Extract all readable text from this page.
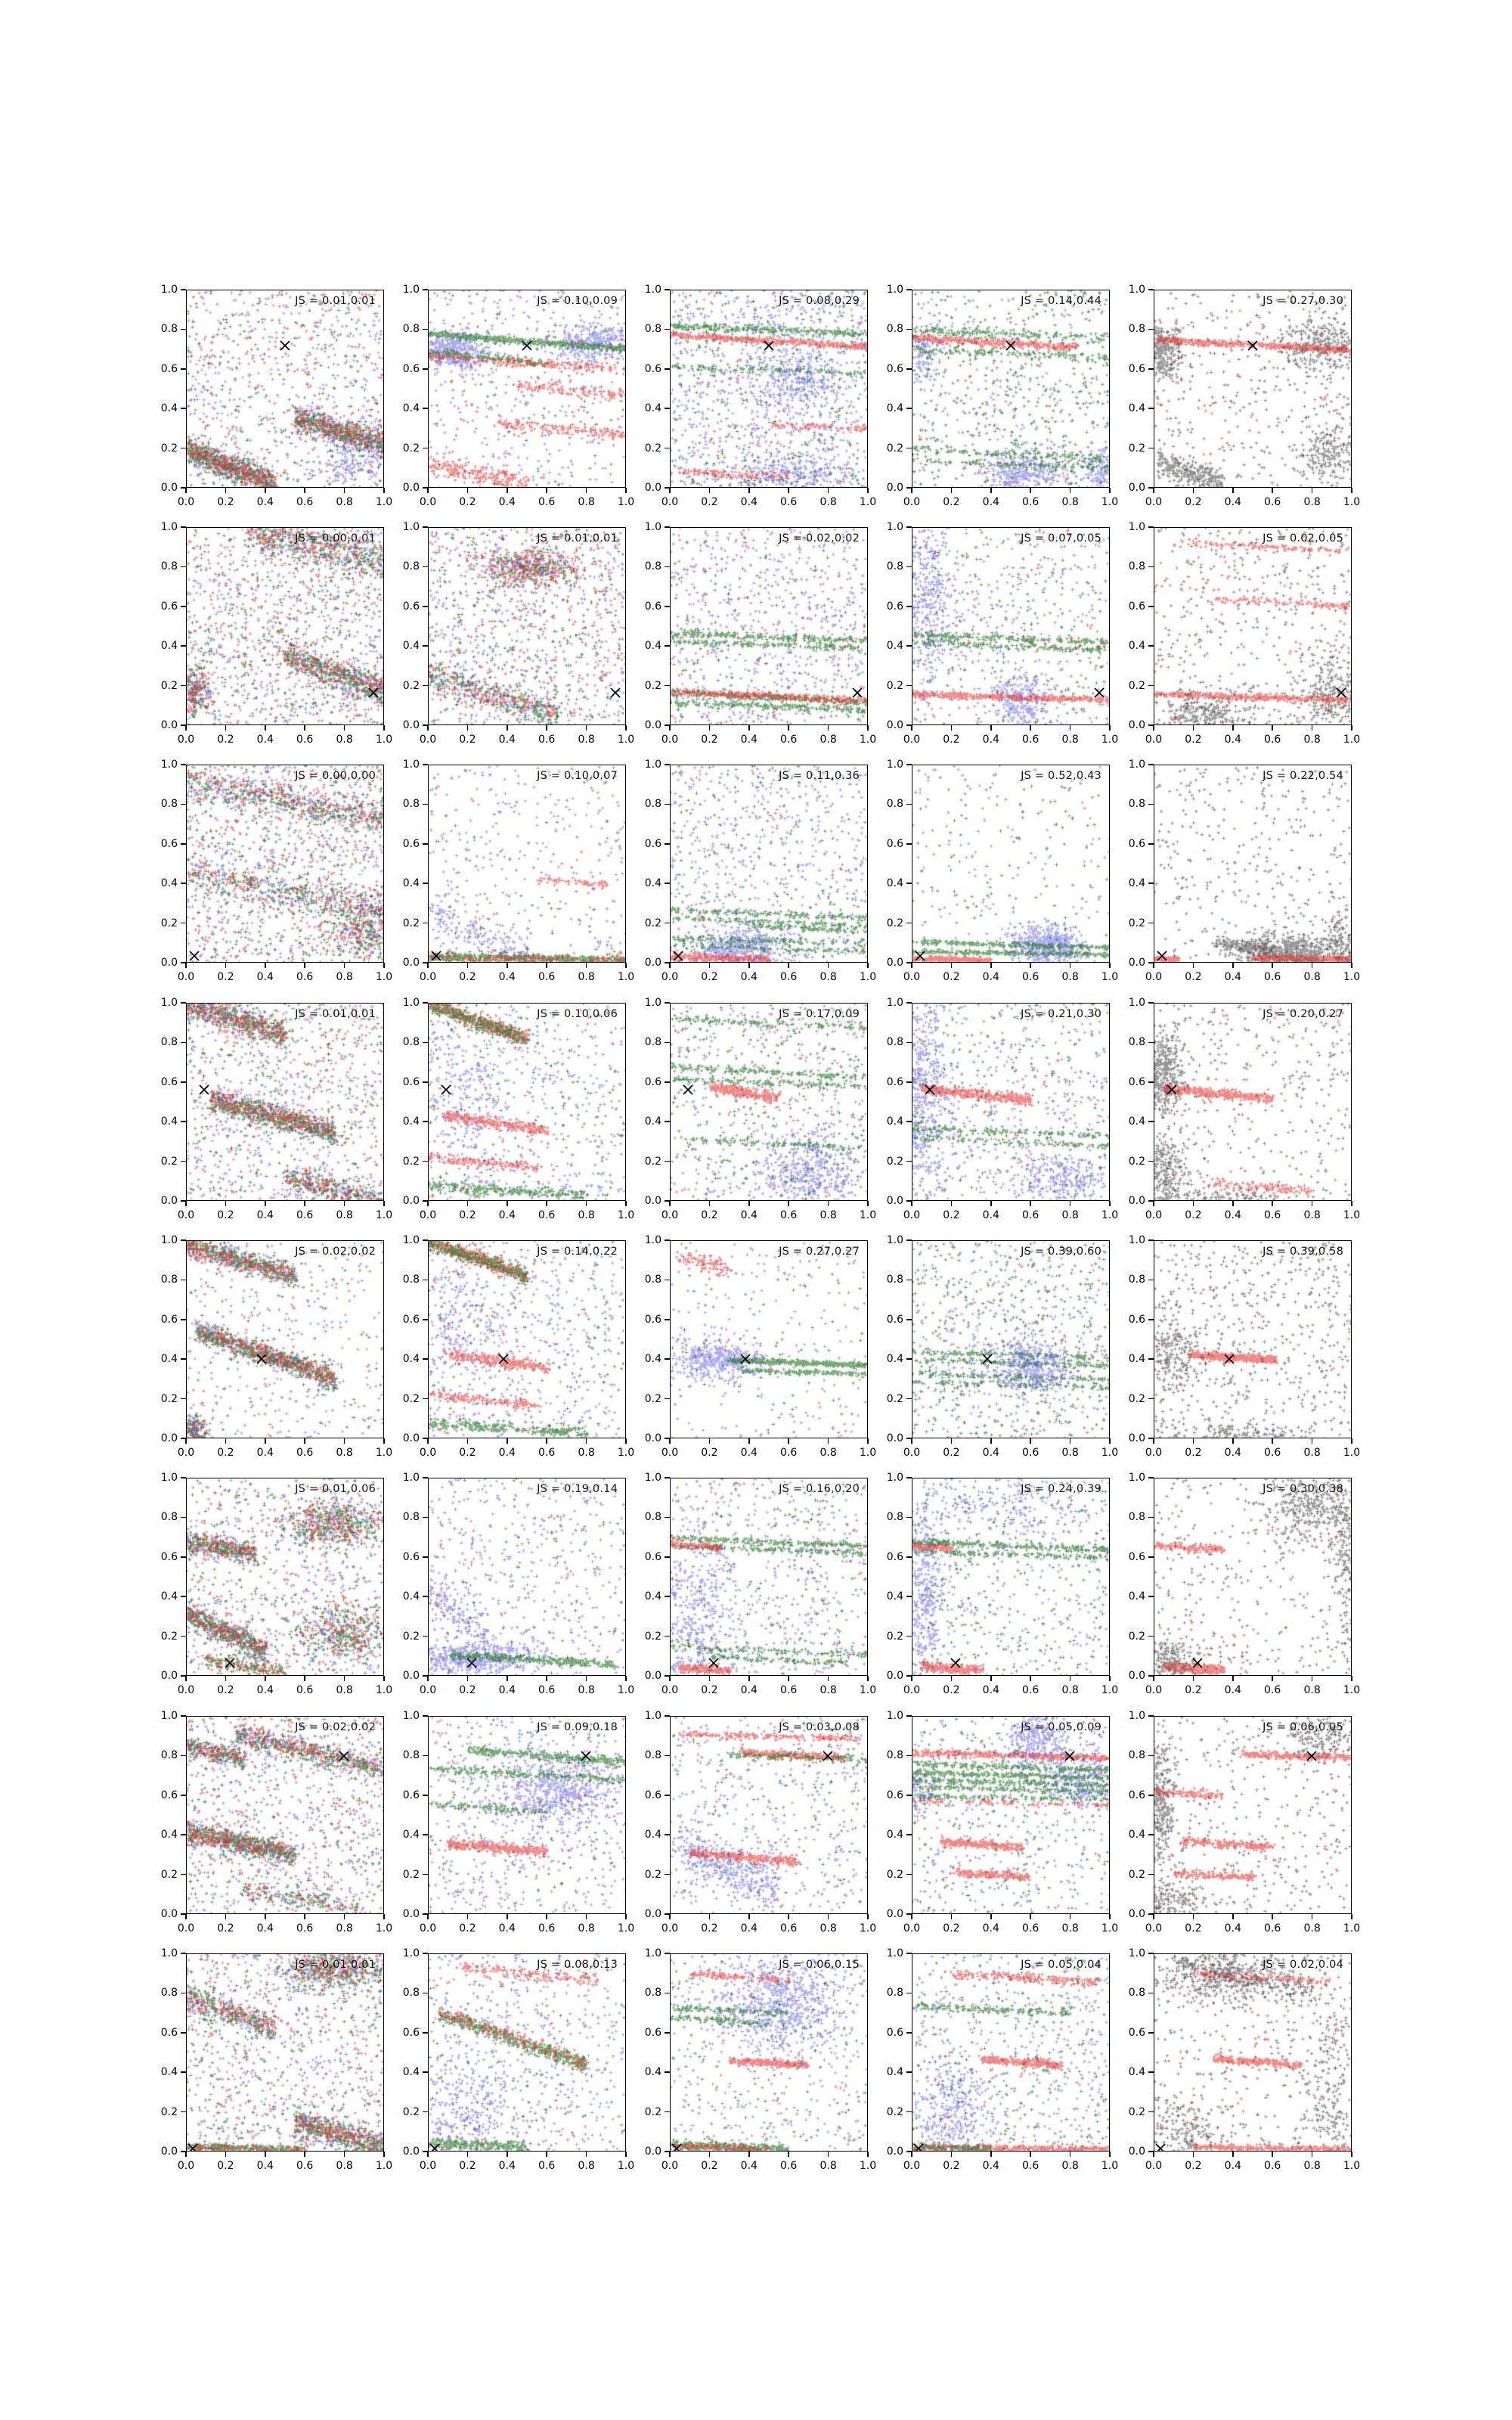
JS = 0.01,0.01
0.0
0.0
0.2
0.2
0.4
0.4
0.6
0.6
0.8
0.8
1.0
1.0
JS = 0.10,0.09
0.0
0.0
0.2
0.2
0.4
0.4
0.6
0.6
0.8
0.8
1.0
1.0
JS = 0.08,0.29
0.0
0.0
0.2
0.2
0.4
0.4
0.6
0.6
0.8
0.8
1.0
1.0
JS = 0.14,0.44
0.0
0.0
0.2
0.2
0.4
0.4
0.6
0.6
0.8
0.8
1.0
1.0
JS = 0.27,0.30
0.0
0.0
0.2
0.2
0.4
0.4
0.6
0.6
0.8
0.8
1.0
1.0
JS = 0.00,0.01
0.0
0.0
0.2
0.2
0.4
0.4
0.6
0.6
0.8
0.8
1.0
1.0
JS = 0.01,0.01
0.0
0.0
0.2
0.2
0.4
0.4
0.6
0.6
0.8
0.8
1.0
1.0
JS = 0.02,0.02
0.0
0.0
0.2
0.2
0.4
0.4
0.6
0.6
0.8
0.8
1.0
1.0
JS = 0.07,0.05
0.0
0.0
0.2
0.2
0.4
0.4
0.6
0.6
0.8
0.8
1.0
1.0
JS = 0.02,0.05
0.0
0.0
0.2
0.2
0.4
0.4
0.6
0.6
0.8
0.8
1.0
1.0
JS = 0.00,0.00
0.0
0.0
0.2
0.2
0.4
0.4
0.6
0.6
0.8
0.8
1.0
1.0
JS = 0.10,0.07
0.0
0.0
0.2
0.2
0.4
0.4
0.6
0.6
0.8
0.8
1.0
1.0
JS = 0.11,0.36
0.0
0.0
0.2
0.2
0.4
0.4
0.6
0.6
0.8
0.8
1.0
1.0
JS = 0.52,0.43
0.0
0.0
0.2
0.2
0.4
0.4
0.6
0.6
0.8
0.8
1.0
1.0
JS = 0.22,0.54
0.0
0.0
0.2
0.2
0.4
0.4
0.6
0.6
0.8
0.8
1.0
1.0
JS = 0.01,0.01
0.0
0.0
0.2
0.2
0.4
0.4
0.6
0.6
0.8
0.8
1.0
1.0
JS = 0.10,0.06
0.0
0.0
0.2
0.2
0.4
0.4
0.6
0.6
0.8
0.8
1.0
1.0
JS = 0.17,0.09
0.0
0.0
0.2
0.2
0.4
0.4
0.6
0.6
0.8
0.8
1.0
1.0
JS = 0.21,0.30
0.0
0.0
0.2
0.2
0.4
0.4
0.6
0.6
0.8
0.8
1.0
1.0
JS = 0.20,0.27
0.0
0.0
0.2
0.2
0.4
0.4
0.6
0.6
0.8
0.8
1.0
1.0
JS = 0.02,0.02
0.0
0.0
0.2
0.2
0.4
0.4
0.6
0.6
0.8
0.8
1.0
1.0
JS = 0.14,0.22
0.0
0.0
0.2
0.2
0.4
0.4
0.6
0.6
0.8
0.8
1.0
1.0
JS = 0.27,0.27
0.0
0.0
0.2
0.2
0.4
0.4
0.6
0.6
0.8
0.8
1.0
1.0
JS = 0.39,0.60
0.0
0.0
0.2
0.2
0.4
0.4
0.6
0.6
0.8
0.8
1.0
1.0
JS = 0.39,0.58
0.0
0.0
0.2
0.2
0.4
0.4
0.6
0.6
0.8
0.8
1.0
1.0
JS = 0.01,0.06
0.0
0.0
0.2
0.2
0.4
0.4
0.6
0.6
0.8
0.8
1.0
1.0
JS = 0.19,0.14
0.0
0.0
0.2
0.2
0.4
0.4
0.6
0.6
0.8
0.8
1.0
1.0
JS = 0.16,0.20
0.0
0.0
0.2
0.2
0.4
0.4
0.6
0.6
0.8
0.8
1.0
1.0
JS = 0.24,0.39
0.0
0.0
0.2
0.2
0.4
0.4
0.6
0.6
0.8
0.8
1.0
1.0
JS = 0.30,0.38
0.0
0.0
0.2
0.2
0.4
0.4
0.6
0.6
0.8
0.8
1.0
1.0
JS = 0.02,0.02
0.0
0.0
0.2
0.2
0.4
0.4
0.6
0.6
0.8
0.8
1.0
1.0
JS = 0.09,0.18
0.0
0.0
0.2
0.2
0.4
0.4
0.6
0.6
0.8
0.8
1.0
1.0
JS = 0.03,0.08
0.0
0.0
0.2
0.2
0.4
0.4
0.6
0.6
0.8
0.8
1.0
1.0
JS = 0.05,0.09
0.0
0.0
0.2
0.2
0.4
0.4
0.6
0.6
0.8
0.8
1.0
1.0
JS = 0.06,0.05
0.0
0.0
0.2
0.2
0.4
0.4
0.6
0.6
0.8
0.8
1.0
1.0
JS = 0.01,0.01
0.0
0.0
0.2
0.2
0.4
0.4
0.6
0.6
0.8
0.8
1.0
1.0
JS = 0.08,0.13
0.0
0.0
0.2
0.2
0.4
0.4
0.6
0.6
0.8
0.8
1.0
1.0
JS = 0.06,0.15
0.0
0.0
0.2
0.2
0.4
0.4
0.6
0.6
0.8
0.8
1.0
1.0
JS = 0.05,0.04
0.0
0.0
0.2
0.2
0.4
0.4
0.6
0.6
0.8
0.8
1.0
1.0
JS = 0.02,0.04
0.0
0.0
0.2
0.2
0.4
0.4
0.6
0.6
0.8
0.8
1.0
1.0
